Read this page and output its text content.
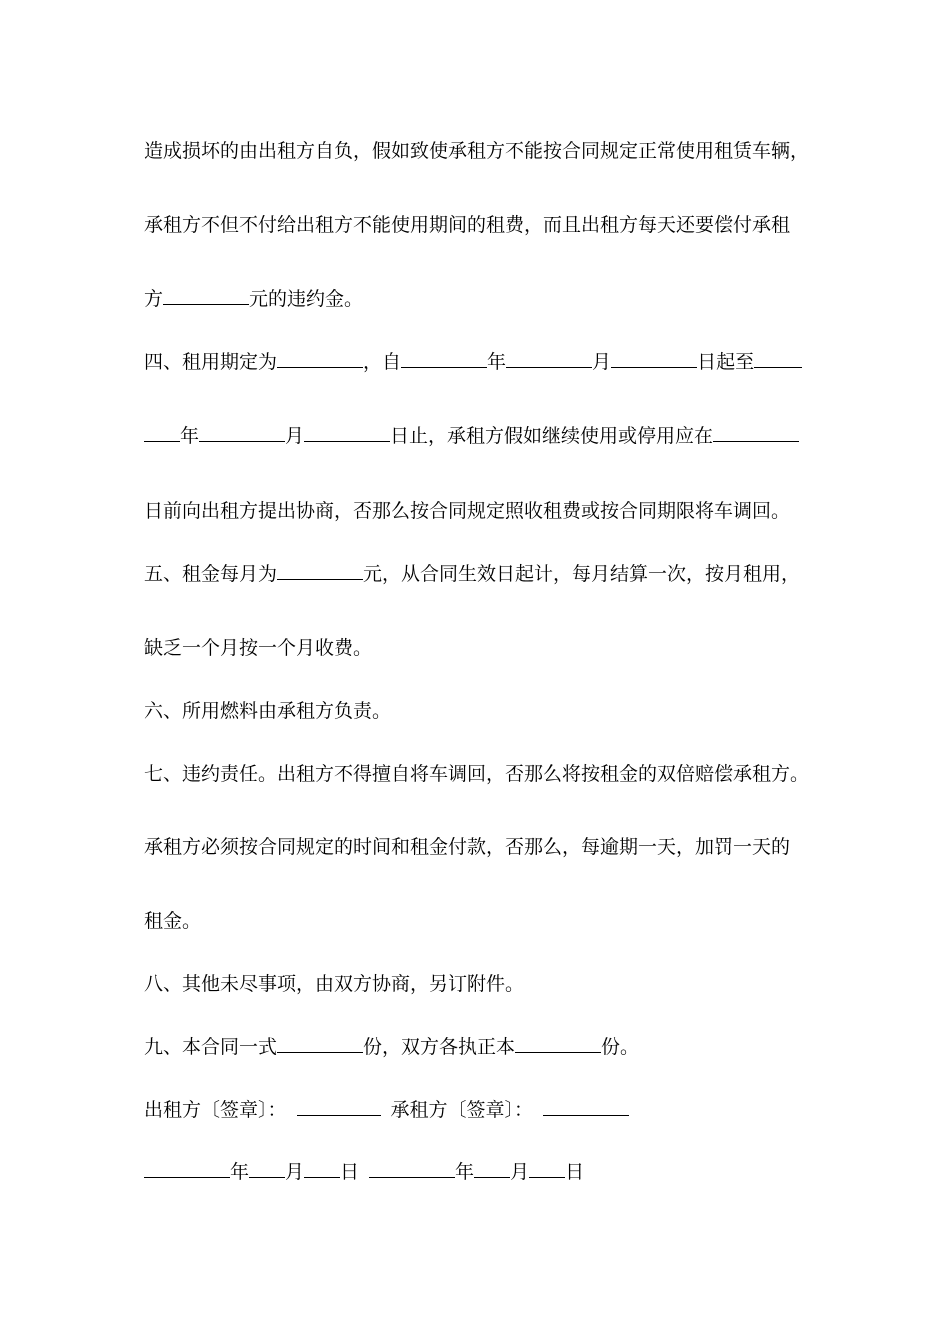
造成损坏的由出租方自负，假如致使承租方不能按合同规定正常使用租赁车辆，
承租方不但不付给出租方不能使用期间的租费，而且出租方每天还要偿付承租
方	元的违约金。
四、租用期定为	，自	年	月	日起至
年	月	日止，承租方假如继续使用或停用应在
日前向出租方提出协商，否那么按合同规定照收租费或按合同期限将车调回。
五、租金每月为	元，从合同生效日起计，每月结算一次，按月租用，
缺乏一个月按一个月收费。
六、所用燃料由承租方负责。
七、违约责任。出租方不得擅自将车调回，否那么将按租金的双倍赔偿承租方。
承租方必须按合同规定的时间和租金付款，否那么，每逾期一天，加罚一天的
租金。
八、其他未尽事项，由双方协商，另订附件。
九、本合同一式	份，双方各执正本	份。
出租方〔签章〕：	承租方〔签章〕：
年 月 日	年 月 日
